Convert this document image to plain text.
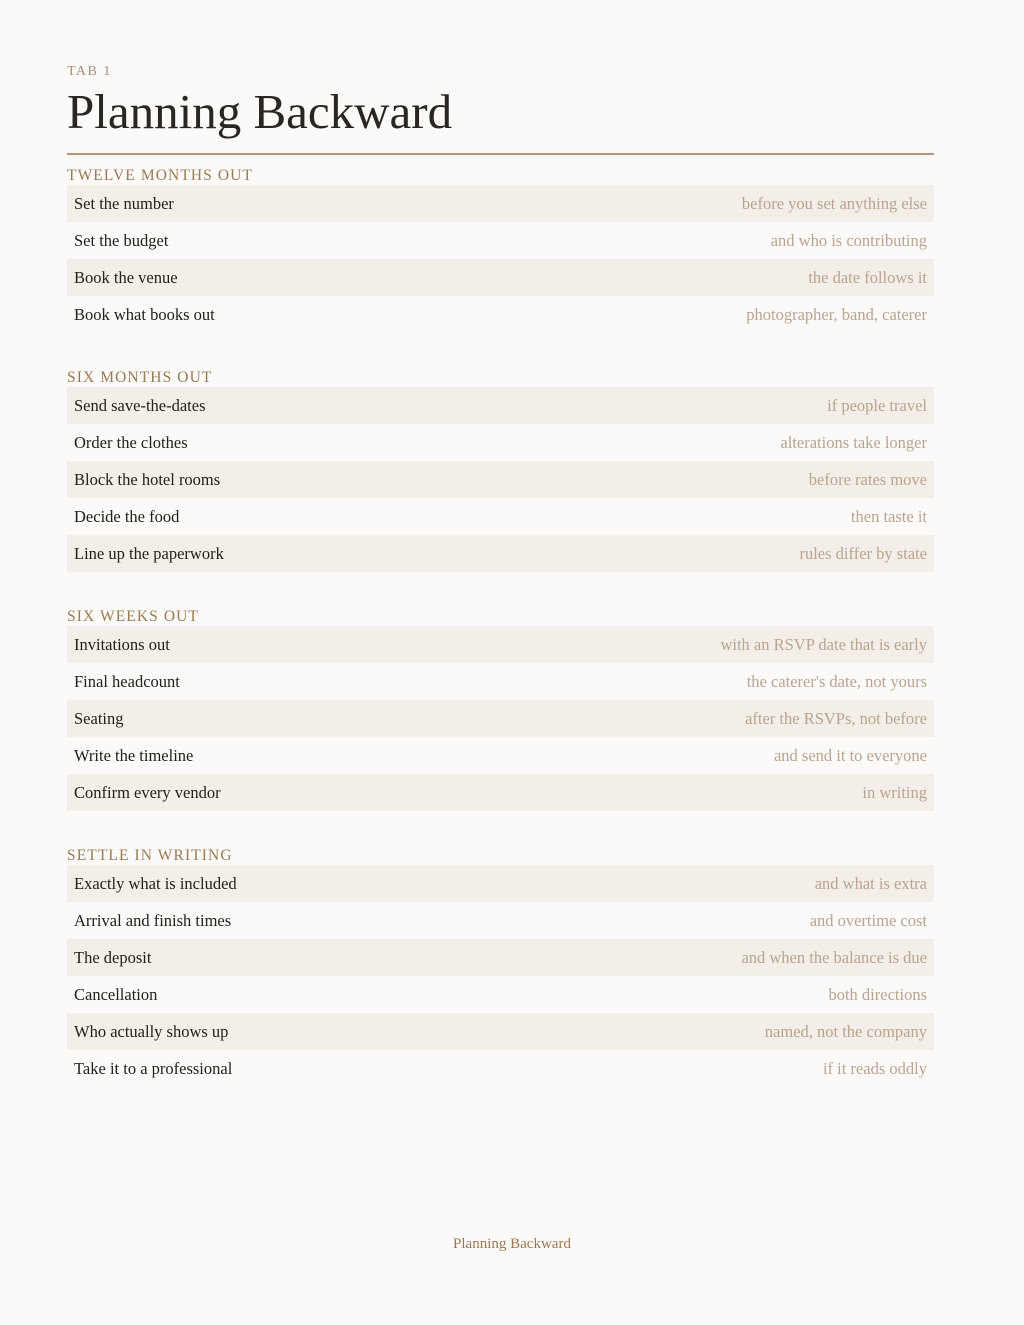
TAB 1
Planning Backward
TWELVE MONTHS OUT
Set the number	before you set anything else
Set the budget	and who is contributing
Book the venue	the date follows it
Book what books out	photographer, band, caterer
SIX MONTHS OUT
Send save-the-dates	if people travel
Order the clothes	alterations take longer
Block the hotel rooms	before rates move
Decide the food	then taste it
Line up the paperwork	rules differ by state
SIX WEEKS OUT
Invitations out	with an RSVP date that is early
Final headcount	the caterer's date, not yours
Seating	after the RSVPs, not before
Write the timeline	and send it to everyone
Confirm every vendor	in writing
SETTLE IN WRITING
Exactly what is included	and what is extra
Arrival and finish times	and overtime cost
The deposit	and when the balance is due
Cancellation	both directions
Who actually shows up	named, not the company
Take it to a professional	if it reads oddly
Planning Backward
